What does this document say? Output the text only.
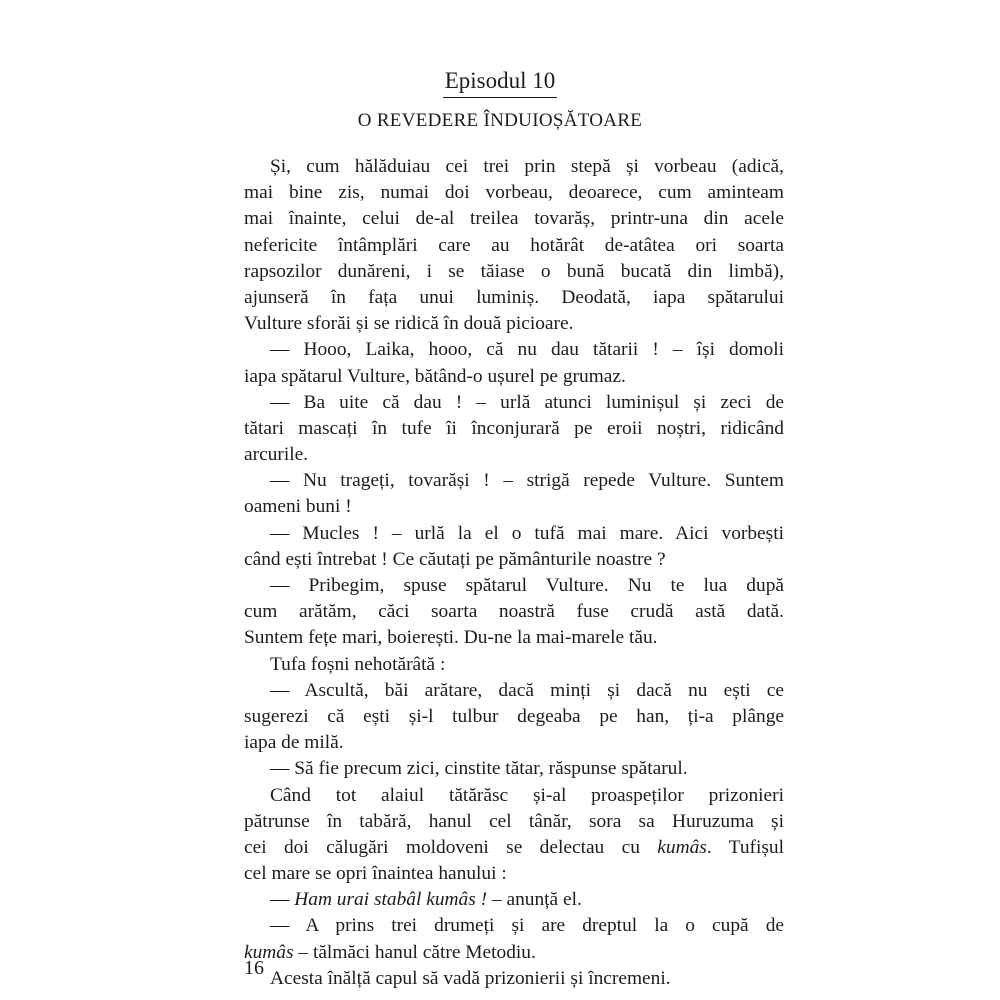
Episodul 10
O REVEDERE ÎNDUIOȘĂTOARE
Și, cum hălăduiau cei trei prin stepă și vorbeau (adică,
mai bine zis, numai doi vorbeau, deoarece, cum aminteam
mai înainte, celui de-al treilea tovarăș, printr-una din acele
nefericite întâmplări care au hotărât de-atâtea ori soarta
rapsozilor dunăreni, i se tăiase o bună bucată din limbă),
ajunseră în fața unui luminiș. Deodată, iapa spătarului
Vulture sforăi și se ridică în două picioare.
— Hooo, Laika, hooo, că nu dau tătarii ! – își domoli
iapa spătarul Vulture, bătând-o ușurel pe grumaz.
— Ba uite că dau ! – urlă atunci luminișul și zeci de
tătari mascați în tufe îi înconjurară pe eroii noștri, ridicând
arcurile.
— Nu trageți, tovarăși ! – strigă repede Vulture. Suntem
oameni buni !
— Mucles ! – urlă la el o tufă mai mare. Aici vorbești
când ești întrebat ! Ce căutați pe pământurile noastre ?
— Pribegim, spuse spătarul Vulture. Nu te lua după
cum arătăm, căci soarta noastră fuse crudă astă dată.
Suntem fețe mari, boierești. Du-ne la mai-marele tău.
Tufa foșni nehotărâtă :
— Ascultă, băi arătare, dacă minți și dacă nu ești ce
sugerezi că ești și-l tulbur degeaba pe han, ți-a plânge
iapa de milă.
— Să fie precum zici, cinstite tătar, răspunse spătarul.
Când tot alaiul tătărăsc și-al proaspeților prizonieri
pătrunse în tabără, hanul cel tânăr, sora sa Huruzuma și
cei doi călugări moldoveni se delectau cu kumâs. Tufișul
cel mare se opri înaintea hanului :
— Ham urai stabâl kumâs ! – anunță el.
— A prins trei drumeți și are dreptul la o cupă de
kumâs – tălmăci hanul către Metodiu.
Acesta înălță capul să vadă prizonierii și încremeni.
16
